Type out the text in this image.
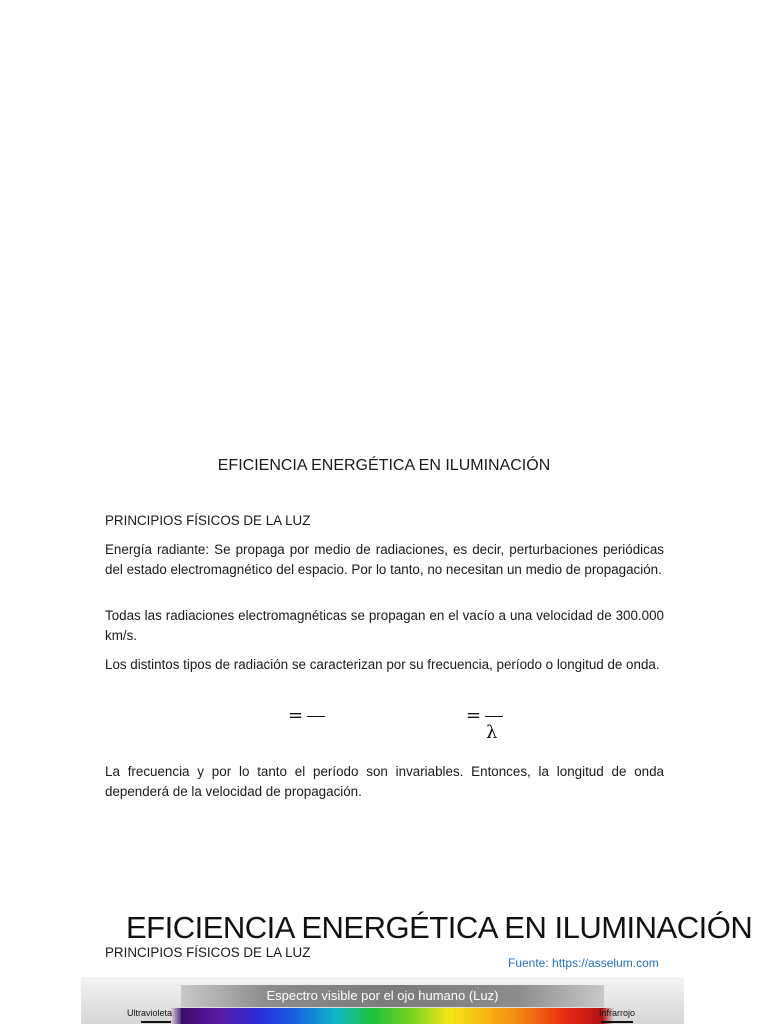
EFICIENCIA ENERGÉTICA EN ILUMINACIÓN
PRINCIPIOS FÍSICOS DE LA LUZ
Energía radiante: Se propaga por medio de radiaciones, es decir, perturbaciones periódicas del estado electromagnético del espacio. Por lo tanto, no necesitan un medio de propagación.
Todas las radiaciones electromagnéticas se propagan en el vacío a una velocidad de 300.000 km/s.
Los distintos tipos de radiación se caracterizan por su frecuencia, período o longitud de onda.
=	=
λ
La frecuencia y por lo tanto el período son invariables. Entonces, la longitud de onda dependerá de la velocidad de propagación.
EFICIENCIA ENERGÉTICA EN ILUMINACIÓN
PRINCIPIOS FÍSICOS DE LA LUZ
Fuente: https://asselum.com
Espectro visible por el ojo humano (Luz)
Ultravioleta	Infrarrojo
